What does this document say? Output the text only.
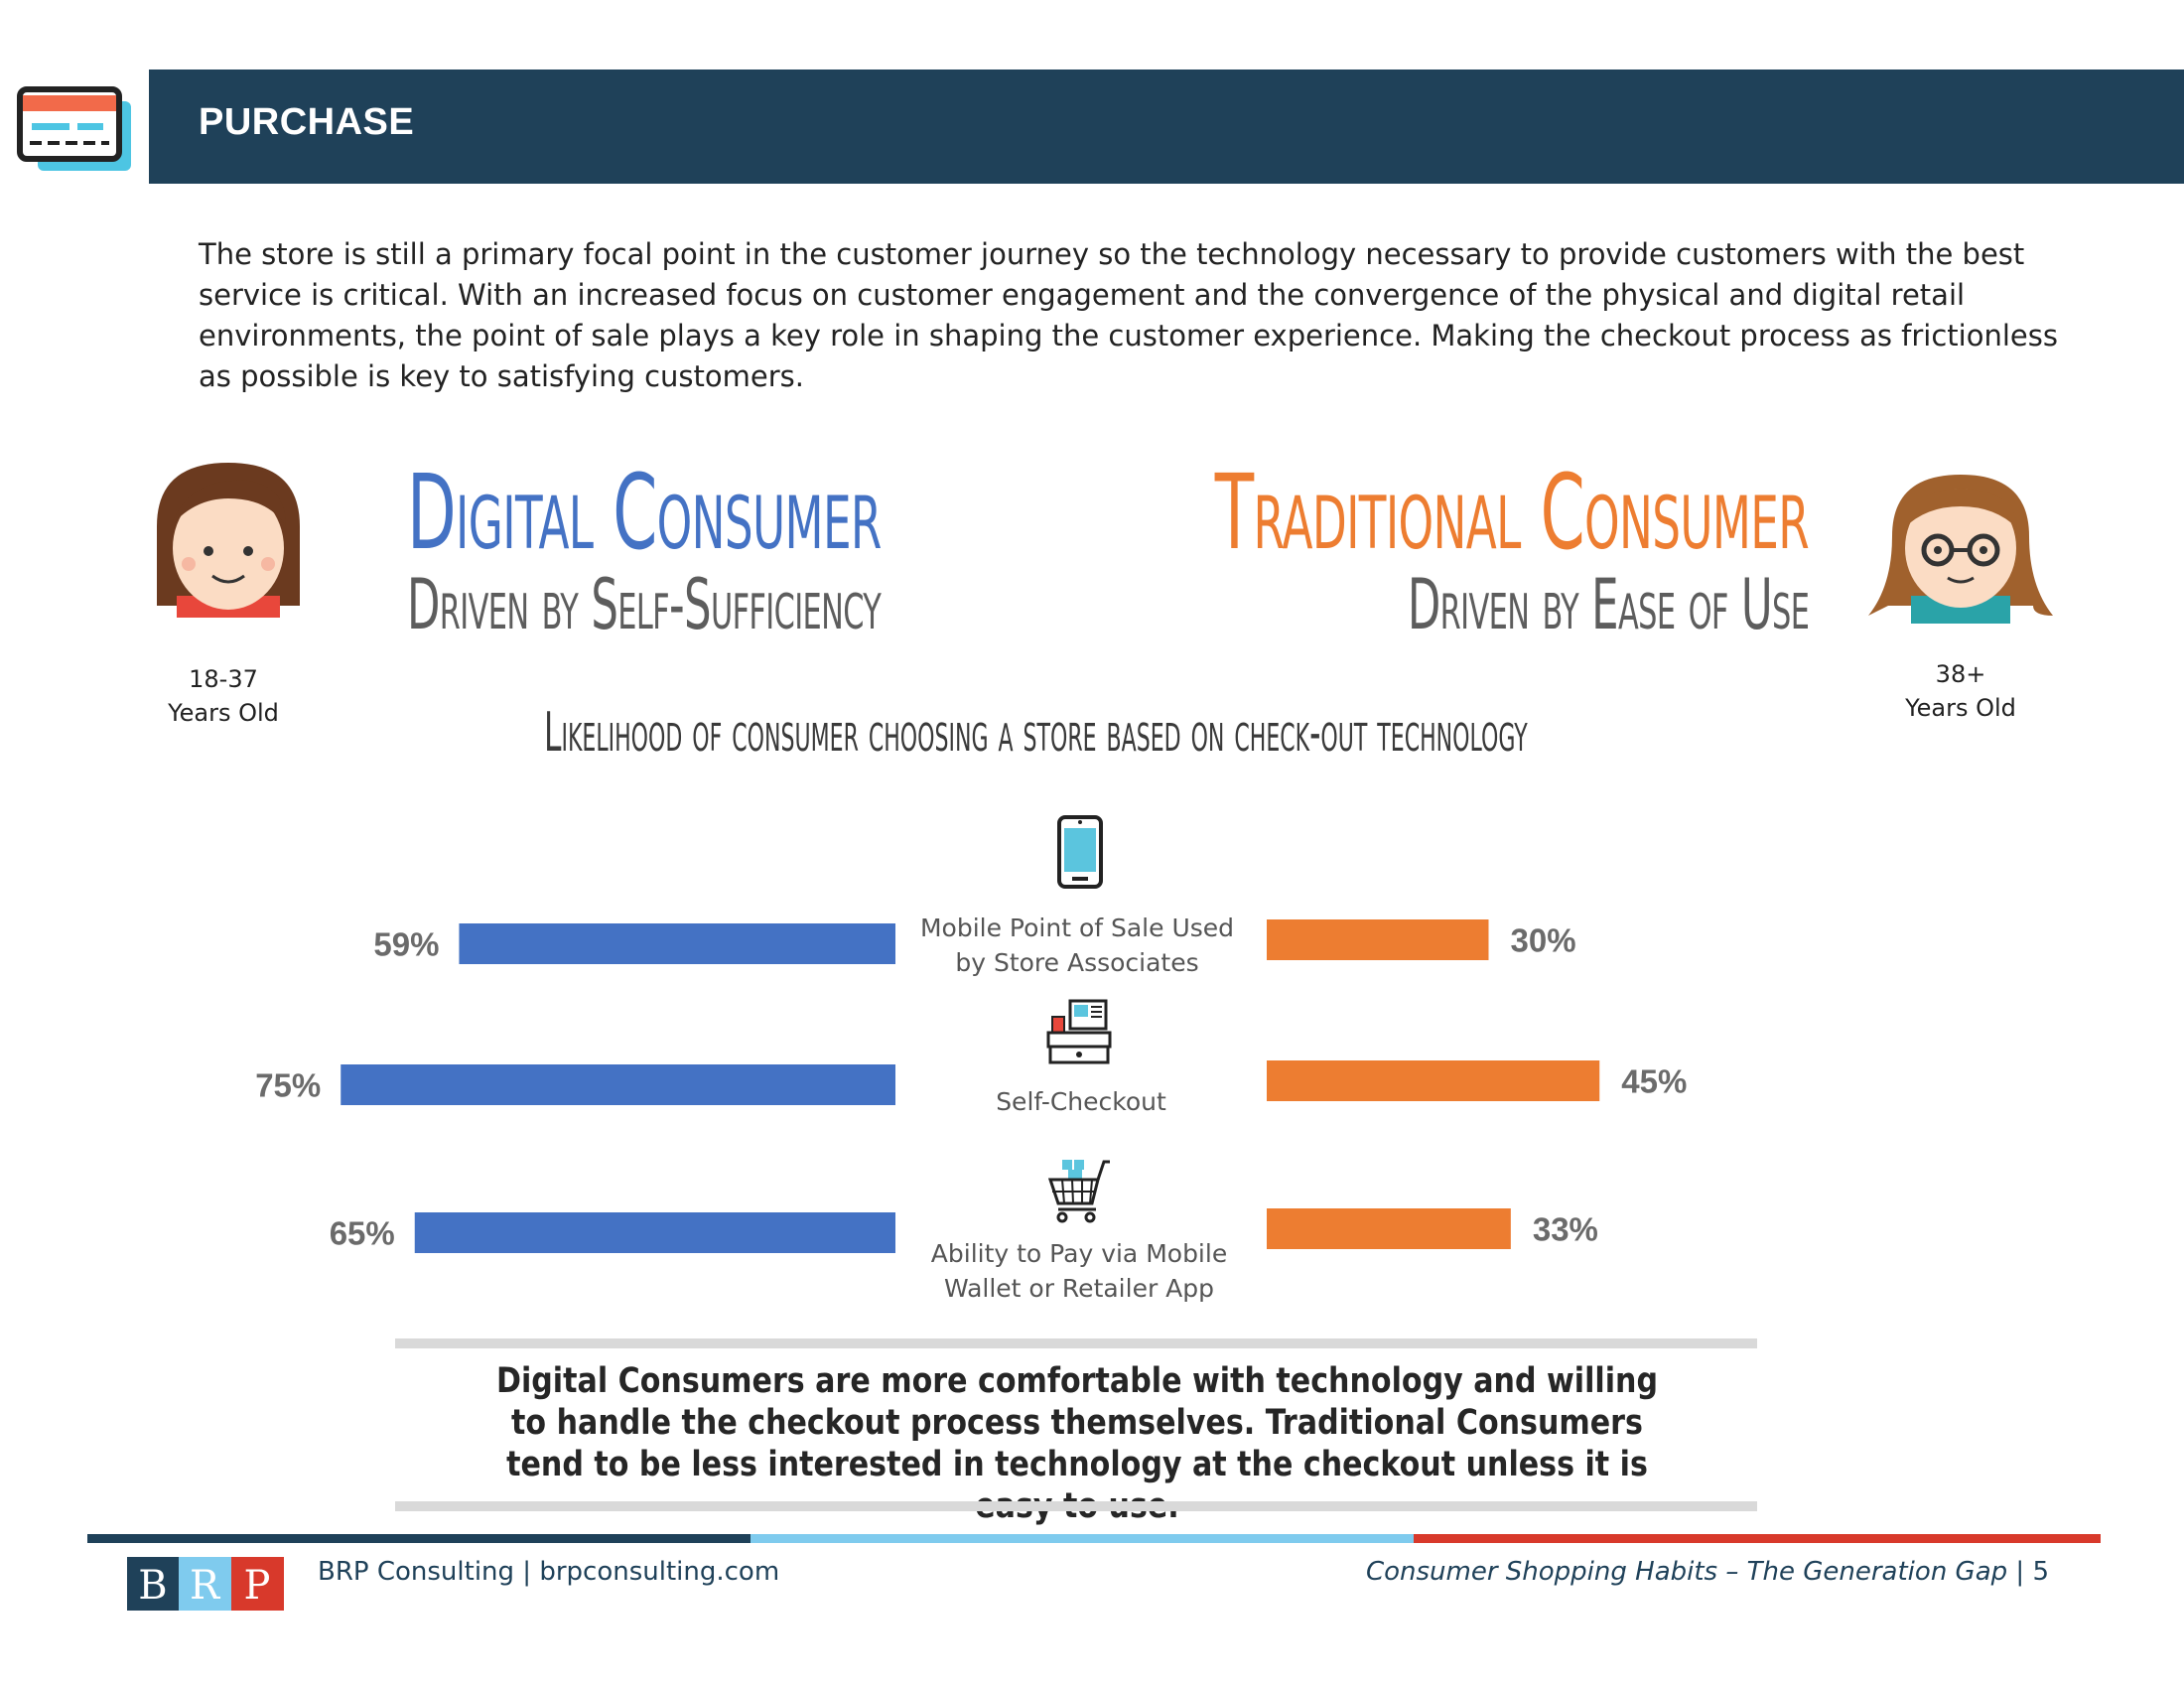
PURCHASE
The store is still a primary focal point in the customer journey so the technology necessary to provide customers with the best service is critical. With an increased focus on customer engagement and the convergence of the physical and digital retail environments, the point of sale plays a key role in shaping the customer experience. Making the checkout process as frictionless as possible is key to satisfying customers.
18-37
Years Old
38+
Years Old
Digital Consumer
Driven by Self-Sufficiency
Traditional Consumer
Driven by Ease of Use
Likelihood of consumer choosing a store based on check-out technology
59%	30%
75%	45%
65%	33%
Mobile Point of Sale Used
by Store Associates
Self-Checkout
Ability to Pay via Mobile
Wallet or Retailer App
Digital Consumers are more comfortable with technology and willing to handle the checkout process themselves. Traditional Consumers tend to be less interested in technology at the checkout unless it is
B R P BRP Consulting | brpconsulting.com	Consumer Shopping Habits – The Generation Gap | 5
